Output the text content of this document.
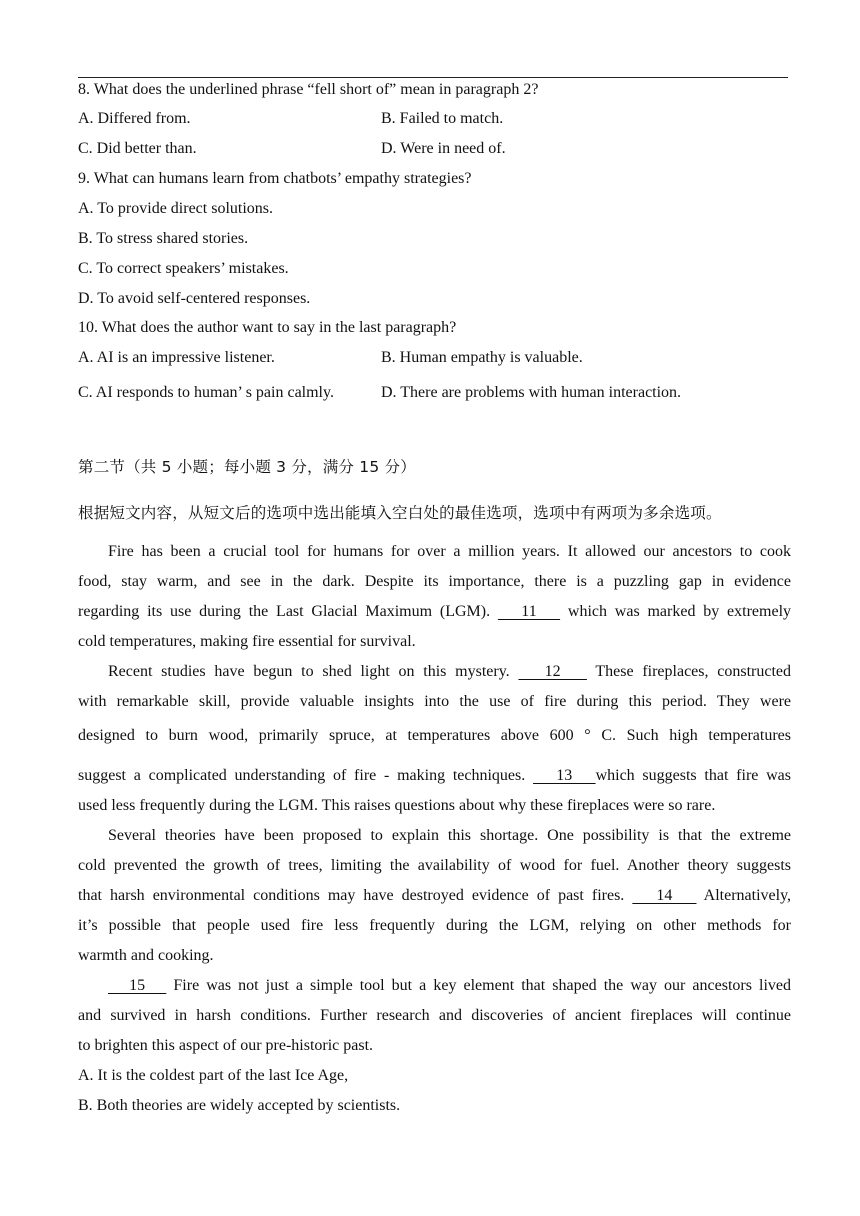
8. What does the underlined phrase “fell short of” mean in paragraph 2?
A. Differed from.	B. Failed to match.
C. Did better than.	D. Were in need of.
9. What can humans learn from chatbots’ empathy strategies?
A. To provide direct solutions.
B. To stress shared stories.
C. To correct speakers’ mistakes.
D. To avoid self-centered responses.
10. What does the author want to say in the last paragraph?
A. AI is an impressive listener.	B. Human empathy is valuable.
C. AI responds to human’ s pain calmly.	D. There are problems with human interaction.
第二节（共 5 小题；每小题 3 分，满分 15 分）
根据短文内容，从短文后的选项中选出能填入空白处的最佳选项，选项中有两项为多余选项。
Fire has been a crucial tool for humans for over a million years. It allowed our ancestors to cook
food, stay warm, and see in the dark. Despite its importance, there is a puzzling gap in evidence
regarding its use during the Last Glacial Maximum (LGM).    11    which was marked by extremely
cold temperatures, making fire essential for survival.
Recent studies have begun to shed light on this mystery.    12    These fireplaces, constructed
with remarkable skill, provide valuable insights into the use of fire during this period. They were
designed to burn wood, primarily spruce, at temperatures above 600 ° C. Such high temperatures
suggest a complicated understanding of fire - making techniques.    13   which suggests that fire was
used less frequently during the LGM. This raises questions about why these fireplaces were so rare.
Several theories have been proposed to explain this shortage. One possibility is that the extreme
cold prevented the growth of trees, limiting the availability of wood for fuel. Another theory suggests
that harsh environmental conditions may have destroyed evidence of past fires.    14    Alternatively,
it’s possible that people used fire less frequently during the LGM, relying on other methods for
warmth and cooking.
15    Fire was not just a simple tool but a key element that shaped the way our ancestors lived
and survived in harsh conditions. Further research and discoveries of ancient fireplaces will continue
to brighten this aspect of our pre-historic past.
A. It is the coldest part of the last Ice Age,
B. Both theories are widely accepted by scientists.
